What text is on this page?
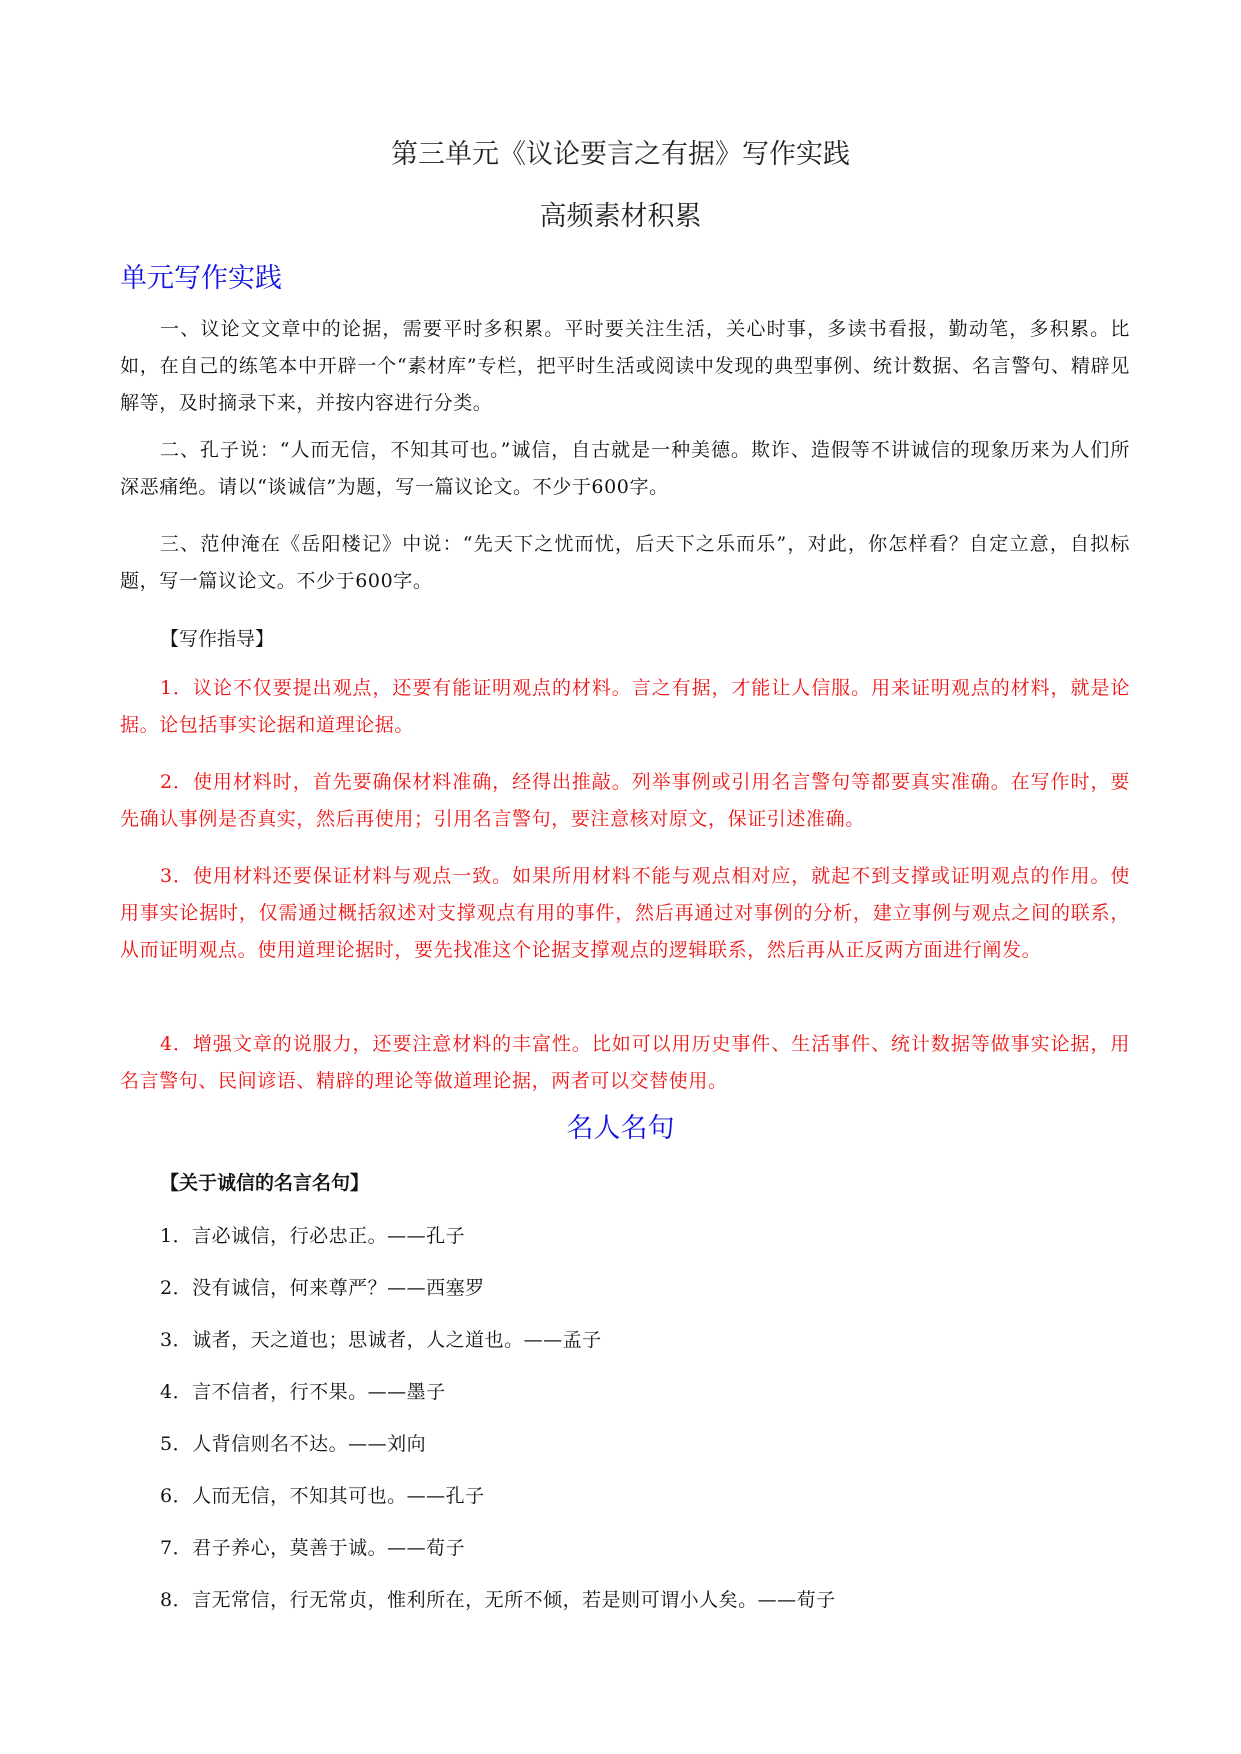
第三单元《议论要言之有据》写作实践
高频素材积累
单元写作实践
一、议论文文章中的论据，需要平时多积累。平时要关注生活，关心时事，多读书看报，勤动笔，多积累。比如，在自己的练笔本中开辟一个“素材库”专栏，把平时生活或阅读中发现的典型事例、统计数据、名言警句、精辟见解等，及时摘录下来，并按内容进行分类。
二、孔子说：“人而无信，不知其可也。”诚信，自古就是一种美德。欺诈、造假等不讲诚信的现象历来为人们所深恶痛绝。请以“谈诚信”为题，写一篇议论文。不少于600字。
三、范仲淹在《岳阳楼记》中说：“先天下之忧而忧，后天下之乐而乐”，对此，你怎样看？自定立意，自拟标题，写一篇议论文。不少于600字。
【写作指导】
1．议论不仅要提出观点，还要有能证明观点的材料。言之有据，才能让人信服。用来证明观点的材料，就是论据。论包括事实论据和道理论据。
2．使用材料时，首先要确保材料准确，经得出推敲。列举事例或引用名言警句等都要真实准确。在写作时，要先确认事例是否真实，然后再使用；引用名言警句，要注意核对原文，保证引述准确。
3．使用材料还要保证材料与观点一致。如果所用材料不能与观点相对应，就起不到支撑或证明观点的作用。使用事实论据时，仅需通过概括叙述对支撑观点有用的事件，然后再通过对事例的分析，建立事例与观点之间的联系，从而证明观点。使用道理论据时，要先找准这个论据支撑观点的逻辑联系，然后再从正反两方面进行阐发。
4．增强文章的说服力，还要注意材料的丰富性。比如可以用历史事件、生活事件、统计数据等做事实论据，用名言警句、民间谚语、精辟的理论等做道理论据，两者可以交替使用。
名人名句
【关于诚信的名言名句】
1．言必诚信，行必忠正。——孔子
2．没有诚信，何来尊严？——西塞罗
3．诚者，天之道也；思诚者，人之道也。——孟子
4．言不信者，行不果。——墨子
5．人背信则名不达。——刘向
6．人而无信，不知其可也。——孔子
7．君子养心，莫善于诚。——荀子
8．言无常信，行无常贞，惟利所在，无所不倾，若是则可谓小人矣。——荀子
